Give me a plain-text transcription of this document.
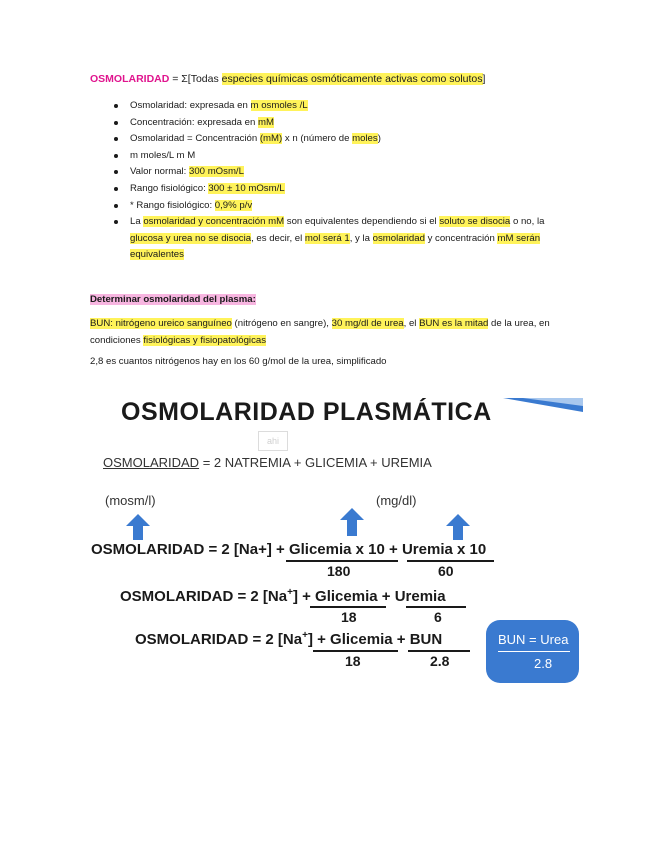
OSMOLARIDAD = Σ[Todas especies químicas osmóticamente activas como solutos]
Osmolaridad: expresada en m osmoles /L
Concentración: expresada en mM
Osmolaridad = Concentración (mM) x n (número de moles)
m moles/L m M
Valor normal: 300 mOsm/L
Rango fisiológico: 300 ± 10 mOsm/L
* Rango fisiológico: 0,9% p/v
La osmolaridad y concentración mM son equivalentes dependiendo si el soluto se disocia o no, la glucosa y urea no se disocia, es decir, el mol será 1, y la osmolaridad y concentración mM serán equivalentes
Determinar osmolaridad del plasma:
BUN: nitrógeno ureico sanguíneo (nitrógeno en sangre), 30 mg/dl de urea, el BUN es la mitad de la urea, en condiciones fisiológicas y fisiopatológicas
2,8 es cuantos nitrógenos hay en los 60 g/mol de la urea, simplificado
OSMOLARIDAD PLASMÁTICA
ahi
OSMOLARIDAD = 2 NATREMIA + GLICEMIA + UREMIA
(mosm/l)	(mg/dl)
OSMOLARIDAD = 2 [Na+] + Glicemia x 10 + Uremia x 10
180	60
OSMOLARIDAD = 2 [Na+] + Glicemia + Uremia
18	6
OSMOLARIDAD = 2 [Na+] + Glicemia + BUN
18	2.8
BUN = Urea
2.8
